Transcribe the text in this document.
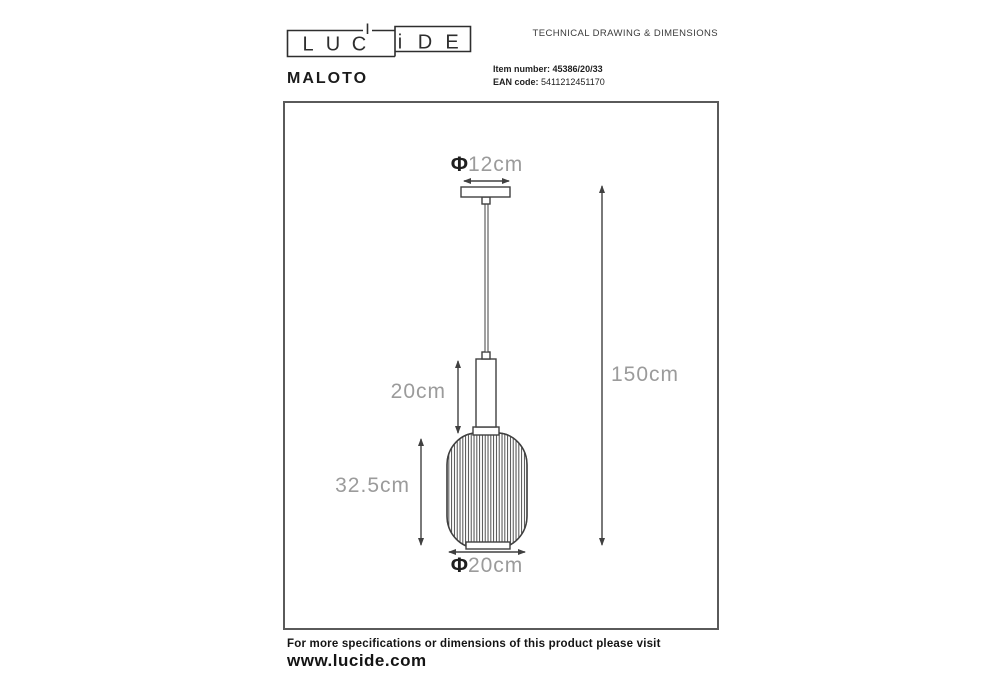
L U C i D E	TECHNICAL DRAWING & DIMENSIONS
MALOTO
Item number: 45386/20/33
EAN code: 5411212451170
Φ12cm
20cm
150cm
32.5cm
Φ20cm
For more specifications or dimensions of this product please visit
www.lucide.com
